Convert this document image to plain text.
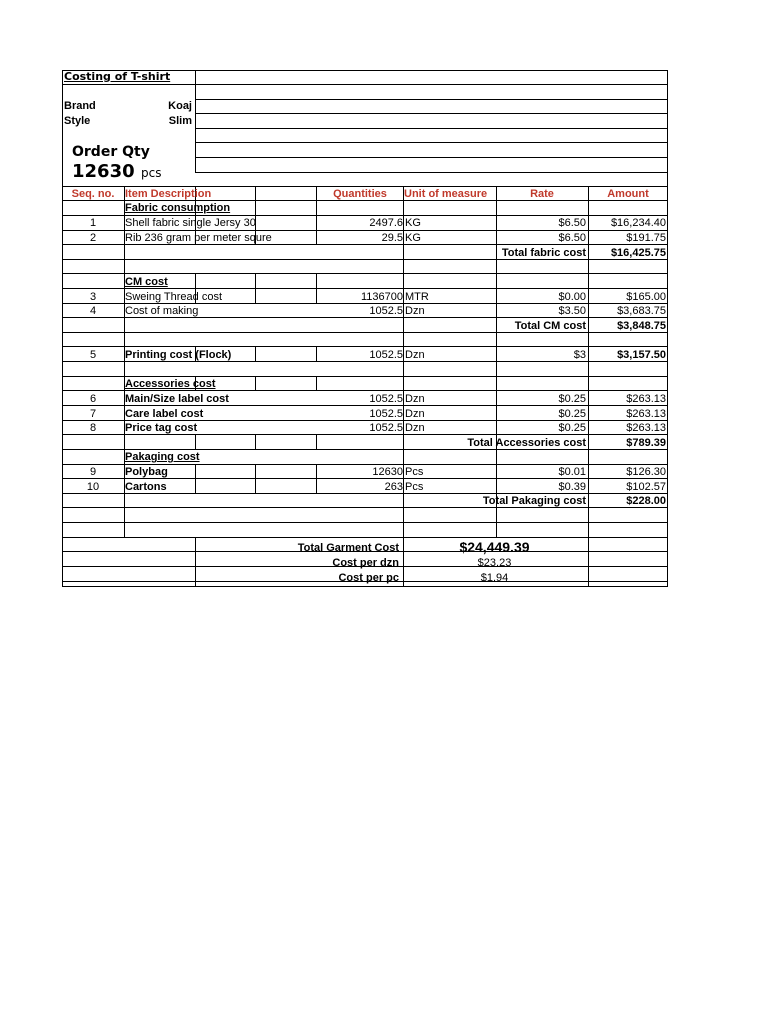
Costing of T-shirt
Brand	Koaj
Style	Slim
Order Qty
12630 pcs
Seq. no. Item Description	Quantities	Unit of measure	Rate	Amount
Fabric consumption
1	Shell fabric single Jersy 30	2497.6 KG	$6.50	$16,234.40
2	Rib 236 gram per meter squre	29.5 KG	$6.50	$191.75
Total fabric cost	$16,425.75
CM cost
3	Sweing Thread cost	1136700 MTR	$0.00	$165.00
4	Cost of making	1052.5 Dzn	$3.50	$3,683.75
Total CM cost	$3,848.75
5	Printing cost (Flock)	1052.5 Dzn	$3	$3,157.50
Accessories cost
6	Main/Size label cost	1052.5 Dzn	$0.25	$263.13
7	Care label cost	1052.5 Dzn	$0.25	$263.13
8	Price tag cost	1052.5 Dzn	$0.25	$263.13
Total Accessories cost	$789.39
Pakaging cost
9	Polybag	12630 Pcs	$0.01	$126.30
10	Cartons	263 Pcs	$0.39	$102.57
Total Pakaging cost	$228.00
Total Garment Cost	$24,449.39
Cost per dzn	$23.23
Cost per pc	$1.94
